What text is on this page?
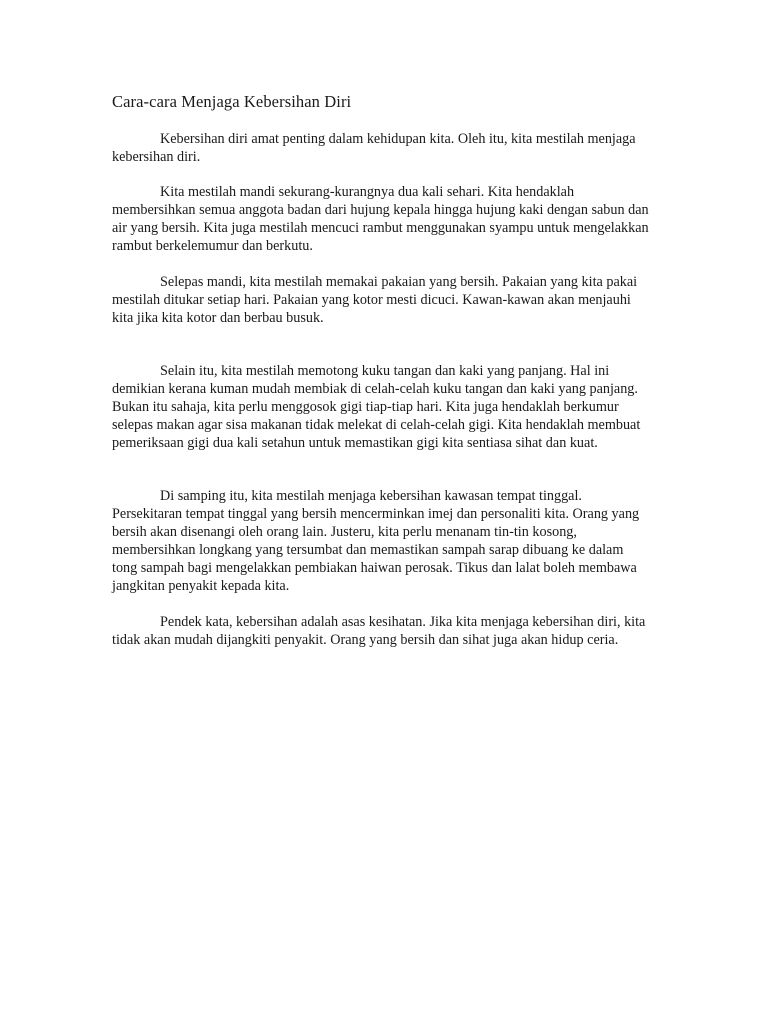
Cara-cara Menjaga Kebersihan Diri

Kebersihan diri amat penting dalam kehidupan kita. Oleh itu, kita mestilah menjaga kebersihan diri.

Kita mestilah mandi sekurang-kurangnya dua kali sehari. Kita hendaklah membersihkan semua anggota badan dari hujung kepala hingga hujung kaki dengan sabun dan air yang bersih. Kita juga mestilah mencuci rambut menggunakan syampu untuk mengelakkan rambut berkelemumur dan berkutu.

Selepas mandi, kita mestilah memakai pakaian yang bersih. Pakaian yang kita pakai mestilah ditukar setiap hari. Pakaian yang kotor mesti dicuci. Kawan-kawan akan menjauhi kita jika kita kotor dan berbau busuk.

Selain itu, kita mestilah memotong kuku tangan dan kaki yang panjang. Hal ini demikian kerana kuman mudah membiak di celah-celah kuku tangan dan kaki yang panjang. Bukan itu sahaja, kita perlu menggosok gigi tiap-tiap hari. Kita juga hendaklah berkumur selepas makan agar sisa makanan tidak melekat di celah-celah gigi. Kita hendaklah membuat pemeriksaan gigi dua kali setahun untuk memastikan gigi kita sentiasa sihat dan kuat.

Di samping itu, kita mestilah menjaga kebersihan kawasan tempat tinggal. Persekitaran tempat tinggal yang bersih mencerminkan imej dan personaliti kita. Orang yang bersih akan disenangi oleh orang lain. Justeru, kita perlu menanam tin-tin kosong, membersihkan longkang yang tersumbat dan memastikan sampah sarap dibuang ke dalam tong sampah bagi mengelakkan pembiakan haiwan perosak. Tikus dan lalat boleh membawa jangkitan penyakit kepada kita.

Pendek kata, kebersihan adalah asas kesihatan. Jika kita menjaga kebersihan diri, kita tidak akan mudah dijangkiti penyakit. Orang yang bersih dan sihat juga akan hidup ceria.
